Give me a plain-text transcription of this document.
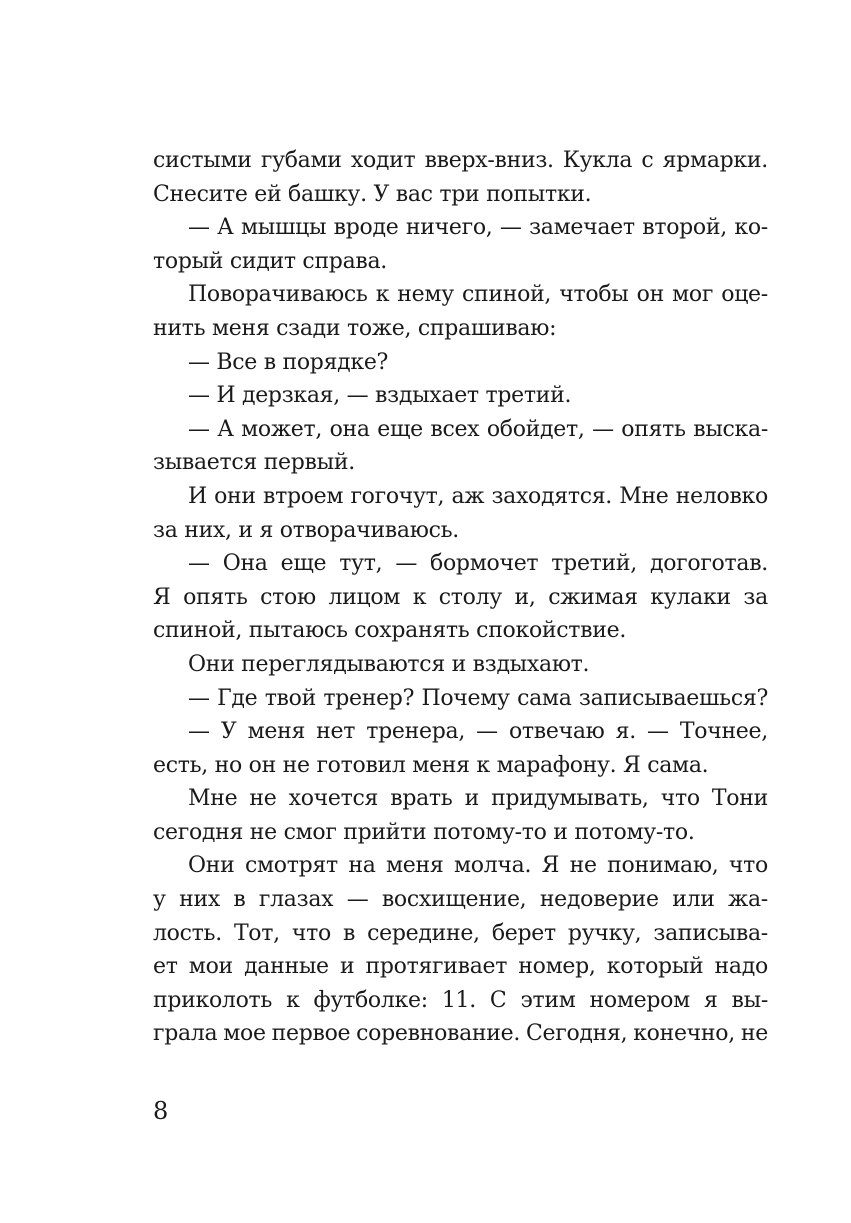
систыми губами ходит вверх-вниз. Кукла с ярмарки.
Снесите ей башку. У вас три попытки.
— А мышцы вроде ничего, — замечает второй, ко-
торый сидит справа.
Поворачиваюсь к нему спиной, чтобы он мог оце-
нить меня сзади тоже, спрашиваю:
— Все в порядке?
— И дерзкая, — вздыхает третий.
— А может, она еще всех обойдет, — опять выска-
зывается первый.
И они втроем гогочут, аж заходятся. Мне неловко
за них, и я отворачиваюсь.
— Она еще тут, — бормочет третий, догоготав.
Я опять стою лицом к столу и, сжимая кулаки за
спиной, пытаюсь сохранять спокойствие.
Они переглядываются и вздыхают.
— Где твой тренер? Почему сама записываешься?
— У меня нет тренера, — отвечаю я. — Точнее,
есть, но он не готовил меня к марафону. Я сама.
Мне не хочется врать и придумывать, что Тони
сегодня не смог прийти потому-то и потому-то.
Они смотрят на меня молча. Я не понимаю, что
у них в глазах — восхищение, недоверие или жа-
лость. Тот, что в середине, берет ручку, записыва-
ет мои данные и протягивает номер, который надо
приколоть к футболке: 11. С этим номером я вы-
грала мое первое соревнование. Сегодня, конечно, не
8
